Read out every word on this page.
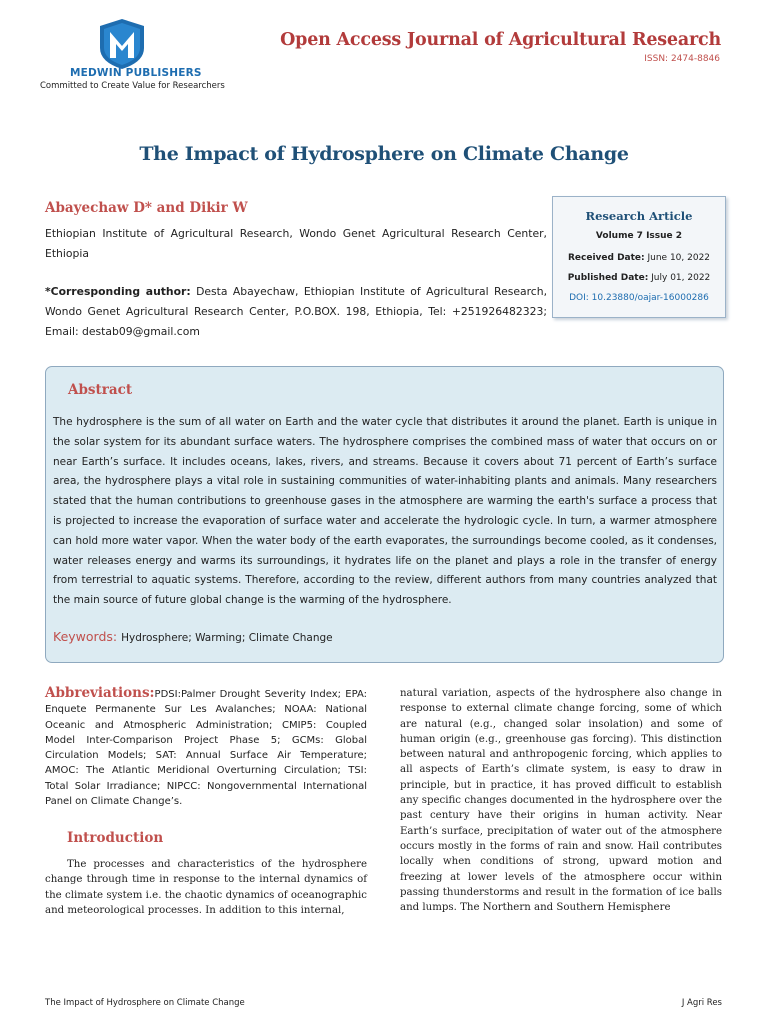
MEDWIN PUBLISHERS
Committed to Create Value for Researchers
Open Access Journal of Agricultural Research
ISSN: 2474-8846
The Impact of Hydrosphere on Climate Change
Abayechaw D* and Dikir W
Ethiopian Institute of Agricultural Research, Wondo Genet Agricultural Research Center, Ethiopia
*Corresponding author: Desta Abayechaw, Ethiopian Institute of Agricultural Research, Wondo Genet Agricultural Research Center, P.O.BOX. 198, Ethiopia, Tel: +251926482323; Email: destab09@gmail.com
Research Article
Volume 7 Issue 2
Received Date: June 10, 2022
Published Date: July 01, 2022
DOI: 10.23880/oajar-16000286
Abstract
The hydrosphere is the sum of all water on Earth and the water cycle that distributes it around the planet. Earth is unique in the solar system for its abundant surface waters. The hydrosphere comprises the combined mass of water that occurs on or near Earth’s surface. It includes oceans, lakes, rivers, and streams. Because it covers about 71 percent of Earth’s surface area, the hydrosphere plays a vital role in sustaining communities of water-inhabiting plants and animals. Many researchers stated that the human contributions to greenhouse gases in the atmosphere are warming the earth's surface a process that is projected to increase the evaporation of surface water and accelerate the hydrologic cycle. In turn, a warmer atmosphere can hold more water vapor. When the water body of the earth evaporates, the surroundings become cooled, as it condenses, water releases energy and warms its surroundings, it hydrates life on the planet and plays a role in the transfer of energy from terrestrial to aquatic systems. Therefore, according to the review, different authors from many countries analyzed that the main source of future global change is the warming of the hydrosphere.
Keywords: Hydrosphere; Warming; Climate Change
Abbreviations:PDSI:Palmer Drought Severity Index; EPA: Enquete Permanente Sur Les Avalanches; NOAA: National Oceanic and Atmospheric Administration; CMIP5: Coupled Model Inter-Comparison Project Phase 5; GCMs: Global Circulation Models; SAT: Annual Surface Air Temperature; AMOC: The Atlantic Meridional Overturning Circulation; TSI: Total Solar Irradiance; NIPCC: Nongovernmental International Panel on Climate Change’s.
Introduction
The processes and characteristics of the hydrosphere change through time in response to the internal dynamics of the climate system i.e. the chaotic dynamics of oceanographic and meteorological processes. In addition to this internal,
natural variation, aspects of the hydrosphere also change in response to external climate change forcing, some of which are natural (e.g., changed solar insolation) and some of human origin (e.g., greenhouse gas forcing). This distinction between natural and anthropogenic forcing, which applies to all aspects of Earth’s climate system, is easy to draw in principle, but in practice, it has proved difficult to establish any specific changes documented in the hydrosphere over the past century have their origins in human activity. Near Earth’s surface, precipitation of water out of the atmosphere occurs mostly in the forms of rain and snow. Hail contributes locally when conditions of strong, upward motion and freezing at lower levels of the atmosphere occur within passing thunderstorms and result in the formation of ice balls and lumps. The Northern and Southern Hemisphere
The Impact of Hydrosphere on Climate Change	J Agri Res
